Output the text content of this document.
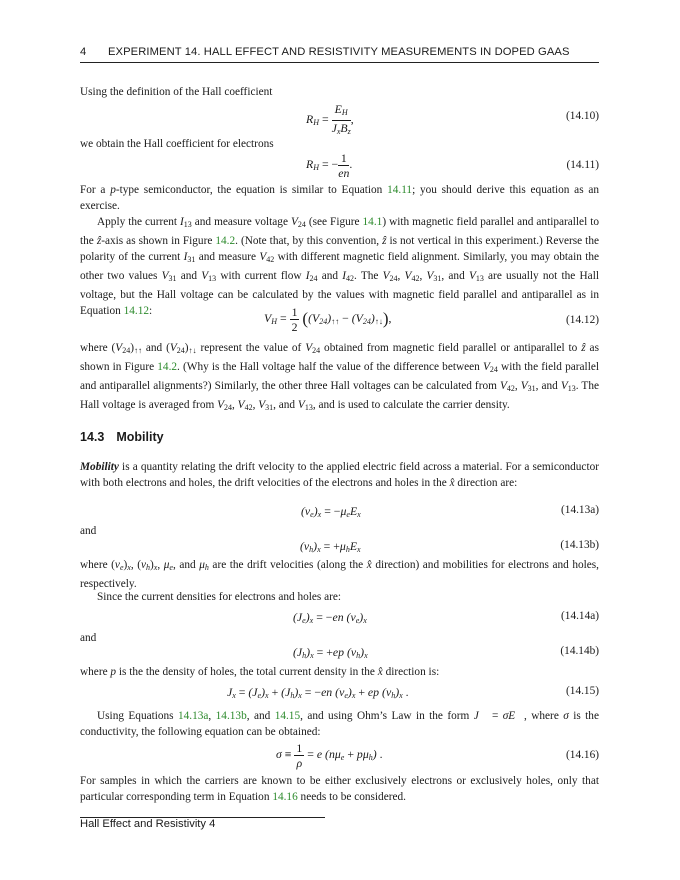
4 EXPERIMENT 14. HALL EFFECT AND RESISTIVITY MEASUREMENTS IN DOPED GAAS

Using the definition of the Hall coefficient

$R_H = \frac{E_H}{J_xB_z}$ ,	(14.10)

we obtain the Hall coefficient for electrons

$R_H$ = − $\frac{1}{en}$ .	(14.11)

For a p-type semiconductor, the equation is similar to Equation 14.11; you should derive this equation as an exercise.

Apply the current $I_{13}$ and measure voltage $V_{24}$ (see Figure 14.1) with magnetic field parallel and antiparallel to the ẑ-axis as shown in Figure 14.2. (Note that, by this convention, ẑ is not vertical in this experiment.) Reverse the polarity of the current $I_{31}$ and measure $V_{42}$ with different magnetic field alignment. Similarly, you may obtain the other two values $V_{31}$ and $V_{13}$ with current flow $I_{24}$ and $I_{42}$. The $V_{24}$, $V_{42}$, $V_{31}$, and $V_{13}$ are usually not the Hall voltage, but the Hall voltage can be calculated by the values with magnetic field parallel and antiparallel as in Equation 14.12:

$V_H = \frac{1}{2} ((V_{24})_{↑↑} - (V_{24})_{↑↓})$,	(14.12)

where $(V_{24})_{↑↑}$ and $(V_{24})_{↑↓}$ represent the value of $V_{24}$ obtained from magnetic field parallel or antiparallel to ẑ as shown in Figure 14.2. (Why is the Hall voltage half the value of the difference between $V_{24}$ with the field parallel and antiparallel alignments?) Similarly, the other three Hall voltages can be calculated from $V_{42}$, $V_{31}$, and $V_{13}$. The Hall voltage is averaged from $V_{24}$, $V_{42}$, $V_{31}$, and $V_{13}$, and is used to calculate the carrier density.

14.3 Mobility

Mobility is a quantity relating the drift velocity to the applied electric field across a material. For a semiconductor with both electrons and holes, the drift velocities of the electrons and holes in the x̂ direction are:

$(v_e)_x = -\mu_eE_x$	(14.13a)

and

$(v_h)_x = +\mu_hE_x$	(14.13b)

where $(v_e)_x$, $(v_h)_x$, $\mu_e$, and $\mu_h$ are the drift velocities (along the x̂ direction) and mobilities for electrons and holes, respectively.

Since the current densities for electrons and holes are:

$(J_e)_x = -en$ $(v_e)_x$	(14.14a)

and

$(J_h)_x = +ep$ $(v_h)_x$	(14.14b)

where p is the the density of holes, the total current density in the x̂ direction is:

$J_x = (J_e)_x + (J_h)_x = -en$ $(v_e)_x$ + ep $(v_h)_x$ .	(14.15)

Using Equations 14.13a, 14.13b, and 14.15, and using Ohm’s Law in the form J⃗ = σE⃗, where σ is the conductivity, the following equation can be obtained:

$\sigma \equiv \frac{1}{\rho} = e$ $(n\mu_e + p\mu_h)$ .	(14.16)

For samples in which the carriers are known to be either exclusively electrons or exclusively holes, only that particular corresponding term in Equation 14.16 needs to be considered.

Hall Effect and Resistivity 4
